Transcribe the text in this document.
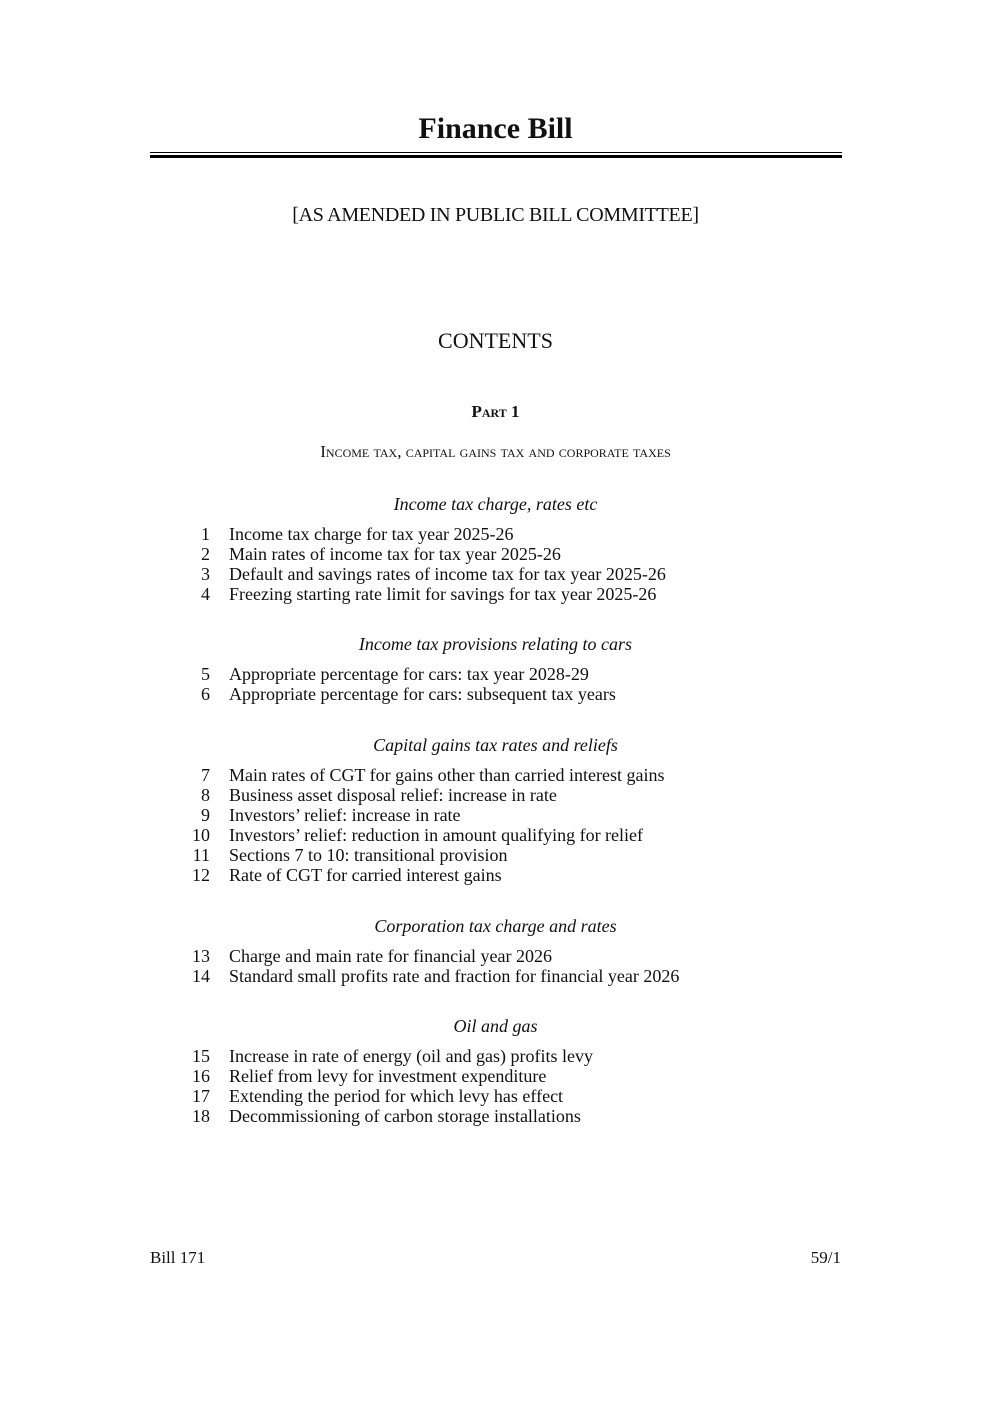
Finance Bill
[AS AMENDED IN PUBLIC BILL COMMITTEE]
CONTENTS
Part 1
Income tax, capital gains tax and corporate taxes
Income tax charge, rates etc
1	Income tax charge for tax year 2025-26
2	Main rates of income tax for tax year 2025-26
3	Default and savings rates of income tax for tax year 2025-26
4	Freezing starting rate limit for savings for tax year 2025-26
Income tax provisions relating to cars
5	Appropriate percentage for cars: tax year 2028-29
6	Appropriate percentage for cars: subsequent tax years
Capital gains tax rates and reliefs
7	Main rates of CGT for gains other than carried interest gains
8	Business asset disposal relief: increase in rate
9	Investors’ relief: increase in rate
10	Investors’ relief: reduction in amount qualifying for relief
11	Sections 7 to 10: transitional provision
12	Rate of CGT for carried interest gains
Corporation tax charge and rates
13	Charge and main rate for financial year 2026
14	Standard small profits rate and fraction for financial year 2026
Oil and gas
15	Increase in rate of energy (oil and gas) profits levy
16	Relief from levy for investment expenditure
17	Extending the period for which levy has effect
18	Decommissioning of carbon storage installations
Bill 171	59/1
